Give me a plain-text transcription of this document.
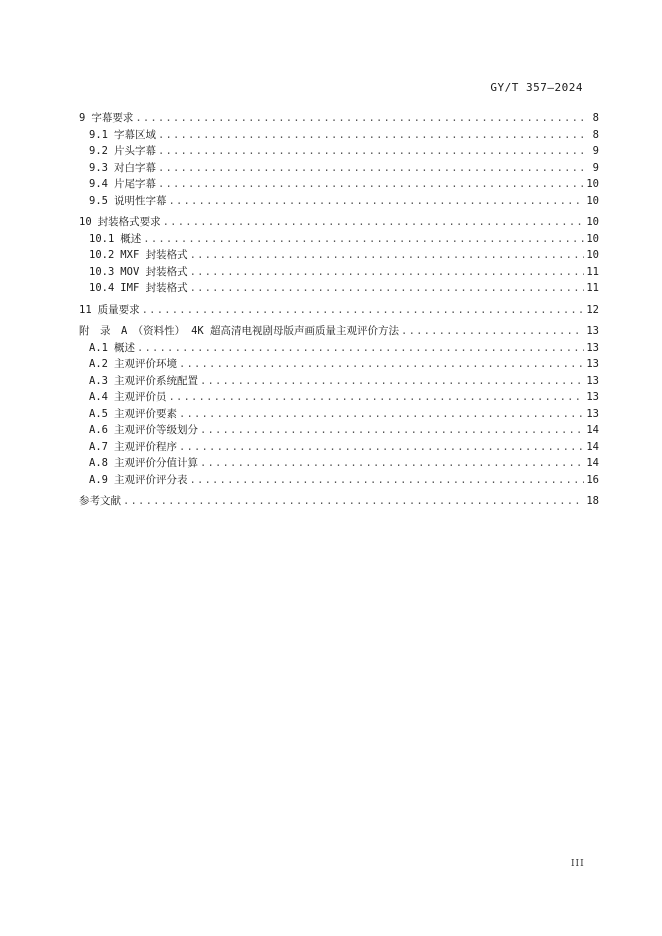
GY/T 357—2024
9 字幕要求 .....	8
9.1 字幕区域 .....	8
9.2 片头字幕 .....	9
9.3 对白字幕 .....	9
9.4 片尾字幕 .....	10
9.5 说明性字幕 .....	10
10 封装格式要求 .....	10
10.1 概述 .....	10
10.2 MXF 封装格式 .....	10
10.3 MOV 封装格式 .....	11
10.4 IMF 封装格式 .....	11
11 质量要求 .....	12
附　录　A　（资料性） 4K 超高清电视剧母版声画质量主观评价方法 .....	13
A.1 概述 .....	13
A.2 主观评价环境 .....	13
A.3 主观评价系统配置 .....	13
A.4 主观评价员 .....	13
A.5 主观评价要素 .....	13
A.6 主观评价等级划分 .....	14
A.7 主观评价程序 .....	14
A.8 主观评价分值计算 .....	14
A.9 主观评价评分表 .....	16
参考文献 .....	18
III
